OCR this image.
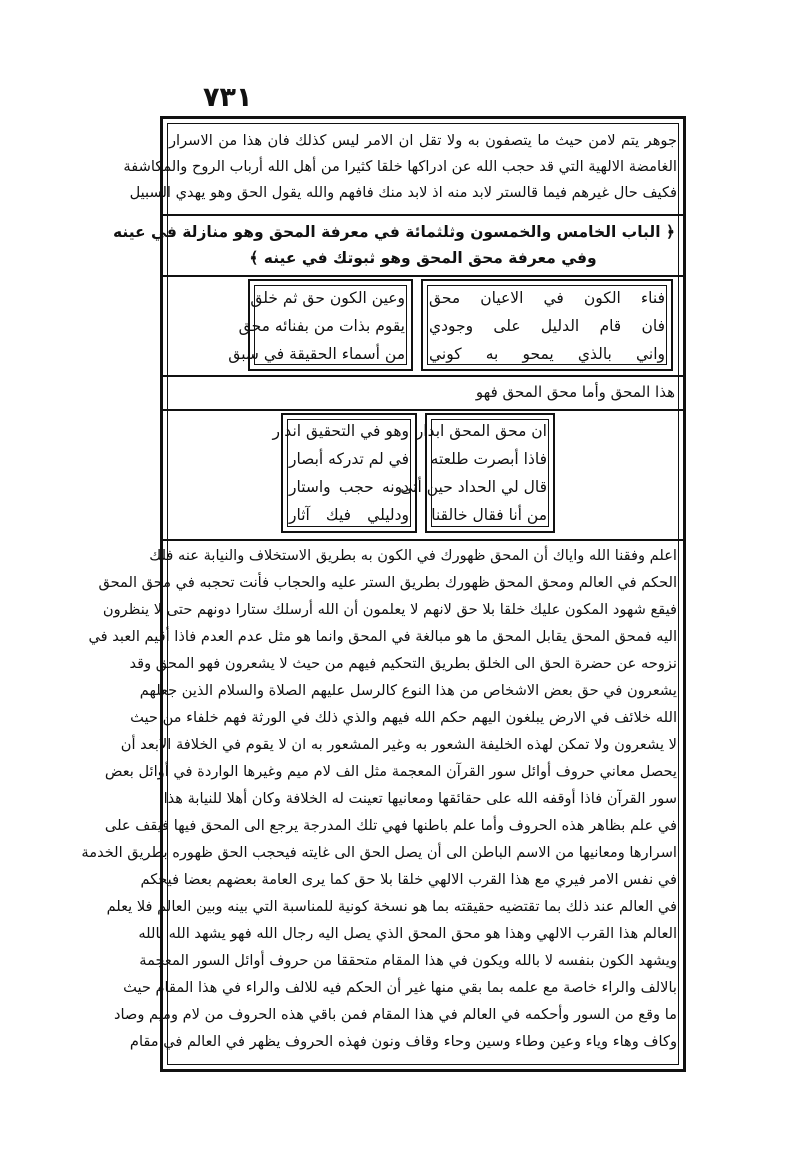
٧٣١
جوهر يتم لامن حيث ما يتصفون به ولا تقل ان الامر ليس كذلك فان هذا من الاسرار
الغامضة الالهية التي قد حجب الله عن ادراكها خلقا كثيرا من أهل الله أرباب الروح والمكاشفة
فكيف حال غيرهم فيما قالستر لابد منه اذ لابد منك فافهم والله يقول الحق وهو يهدي السبيل
﴿ الباب الخامس والخمسون وثلثمائة في معرفة المحق وهو منازلة في عينه
وفي معرفة محق المحق وهو ثبوتك في عينه ﴾
فناء الكون في الاعيان محق
فان قام الدليل على وجودي
واني بالذي يمحو به كوني
وعين الكون حق ثم خلق
يقوم بذات من بفنائه محق
من أسماء الحقيقة في سبق
هذا المحق وأما محق المحق فهو
ان محق المحق ابدار
فاذا أبصرت طلعته
قال لي الحداد حين أتى
من أنا فقال خالقنا
وهو في التحقيق اندار
في لم تدركه أبصار
دونه حجب واستار
ودليلي فيك آثار
اعلم وفقنا الله واياك أن المحق ظهورك في الكون به بطريق الاستخلاف والنيابة عنه فلك
الحكم في العالم ومحق المحق ظهورك بطريق الستر عليه والحجاب فأنت تحجبه في محق المحق
فيقع شهود المكون عليك خلقا بلا حق لانهم لا يعلمون أن الله أرسلك ستارا دونهم حتى لا ينظرون
اليه فمحق المحق يقابل المحق ما هو مبالغة في المحق وانما هو مثل عدم العدم فاذا أقيم العبد في
نزوحه عن حضرة الحق الى الخلق بطريق التحكيم فيهم من حيث لا يشعرون فهو المحق وقد
يشعرون في حق بعض الاشخاص من هذا النوع كالرسل عليهم الصلاة والسلام الذين جعلهم
الله خلائف في الارض يبلغون اليهم حكم الله فيهم والذي ذلك في الورثة فهم خلفاء من حيث
لا يشعرون ولا تمكن لهذه الخليفة الشعور به وغير المشعور به ان لا يقوم في الخلافة الابعد أن
يحصل معاني حروف أوائل سور القرآن المعجمة مثل الف لام ميم وغيرها الواردة في أوائل بعض
سور القرآن فاذا أوقفه الله على حقائقها ومعانيها تعينت له الخلافة وكان أهلا للنيابة هذا
في علم بظاهر هذه الحروف وأما علم باطنها فهي تلك المدرجة يرجع الى المحق فيها فيقف على
اسرارها ومعانيها من الاسم الباطن الى أن يصل الحق الى غايته فيحجب الحق ظهوره بطريق الخدمة
في نفس الامر فيري مع هذا القرب الالهي خلقا بلا حق كما يرى العامة بعضهم بعضا فيحكم
في العالم عند ذلك بما تقتضيه حقيقته بما هو نسخة كونية للمناسبة التي بينه وبين العالم فلا يعلم
العالم هذا القرب الالهي وهذا هو محق المحق الذي يصل اليه رجال الله فهو يشهد الله بالله
ويشهد الكون بنفسه لا بالله ويكون في هذا المقام متحققا من حروف أوائل السور المعجمة
بالالف والراء خاصة مع علمه بما بقي منها غير أن الحكم فيه للالف والراء في هذا المقام حيث
ما وقع من السور وأحكمه في العالم في هذا المقام فمن باقي هذه الحروف من لام وميم وصاد
وكاف وهاء وياء وعين وطاء وسين وحاء وقاف ونون فهذه الحروف يظهر في العالم في مقام
